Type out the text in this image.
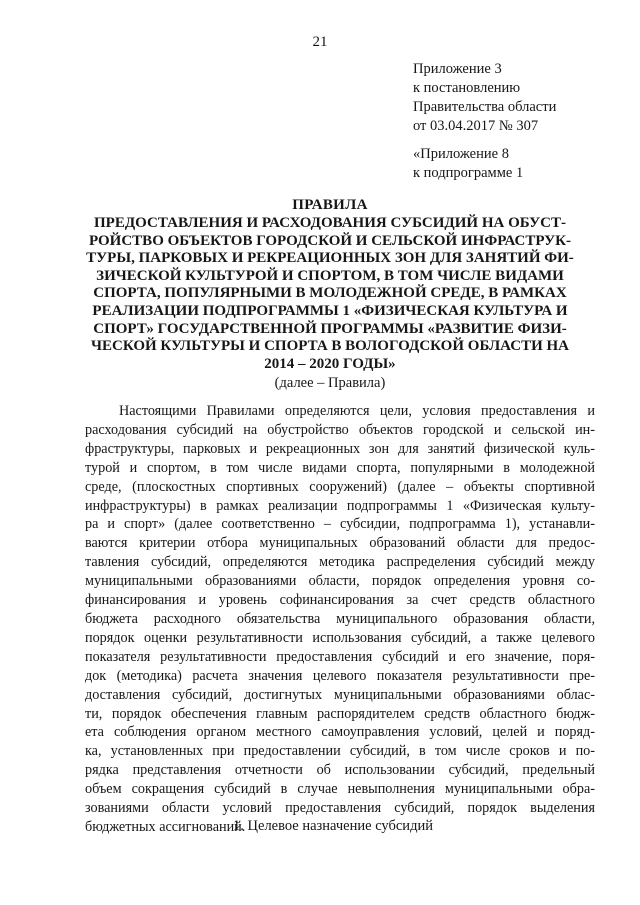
21
Приложение 3
к постановлению
Правительства области
от 03.04.2017 № 307
«Приложение 8
к подпрограмме 1
ПРАВИЛА
ПРЕДОСТАВЛЕНИЯ И РАСХОДОВАНИЯ СУБСИДИЙ НА ОБУСТ-
РОЙСТВО ОБЪЕКТОВ ГОРОДСКОЙ И СЕЛЬСКОЙ ИНФРАСТРУК-
ТУРЫ, ПАРКОВЫХ И РЕКРЕАЦИОННЫХ ЗОН ДЛЯ ЗАНЯТИЙ ФИ-
ЗИЧЕСКОЙ КУЛЬТУРОЙ И СПОРТОМ, В ТОМ ЧИСЛЕ ВИДАМИ
СПОРТА, ПОПУЛЯРНЫМИ В МОЛОДЕЖНОЙ СРЕДЕ, В РАМКАХ
РЕАЛИЗАЦИИ ПОДПРОГРАММЫ 1 «ФИЗИЧЕСКАЯ КУЛЬТУРА И
СПОРТ» ГОСУДАРСТВЕННОЙ ПРОГРАММЫ «РАЗВИТИЕ ФИЗИ-
ЧЕСКОЙ КУЛЬТУРЫ И СПОРТА В ВОЛОГОДСКОЙ ОБЛАСТИ НА
2014 – 2020 ГОДЫ»
(далее – Правила)
Настоящими Правилами определяются цели, условия предоставления и
расходования субсидий на обустройство объектов городской и сельской ин-
фраструктуры, парковых и рекреационных зон для занятий физической куль-
турой и спортом, в том числе видами спорта, популярными в молодежной
среде, (плоскостных спортивных сооружений) (далее – объекты спортивной
инфраструктуры) в рамках реализации подпрограммы 1 «Физическая культу-
ра и спорт» (далее соответственно – субсидии, подпрограмма 1), устанавли-
ваются критерии отбора муниципальных образований области для предос-
тавления субсидий, определяются методика распределения субсидий между
муниципальными образованиями области, порядок определения уровня со-
финансирования и уровень софинансирования за счет средств областного
бюджета расходного обязательства муниципального образования области,
порядок оценки результативности использования субсидий, а также целевого
показателя результативности предоставления субсидий и его значение, поря-
док (методика) расчета значения целевого показателя результативности пре-
доставления субсидий, достигнутых муниципальными образованиями облас-
ти, порядок обеспечения главным распорядителем средств областного бюдж-
ета соблюдения органом местного самоуправления условий, целей и поряд-
ка, установленных при предоставлении субсидий, в том числе сроков и по-
рядка представления отчетности об использовании субсидий, предельный
объем сокращения субсидий в случае невыполнения муниципальными обра-
зованиями области условий предоставления субсидий, порядок выделения
бюджетных ассигнований.
1. Целевое назначение субсидий
